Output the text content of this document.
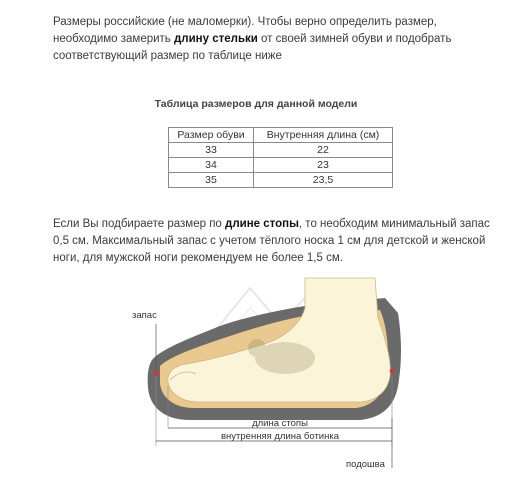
Размеры российские (не маломерки). Чтобы верно определить размер, необходимо замерить длину стельки от своей зимней обуви и подобрать соответствующий размер по таблице ниже
Таблица размеров для данной модели
Размер обуви	Внутренняя длина (см)
33	22
34	23
35	23,5
Если Вы подбираете размер по длине стопы, то необходим минимальный запас 0,5 см. Максимальный запас с учетом тёплого носка 1 см для детской и женской ноги, для мужской ноги рекомендуем не более 1,5 см.
запас
длина стопы
внутренняя длина ботинка
подошва
